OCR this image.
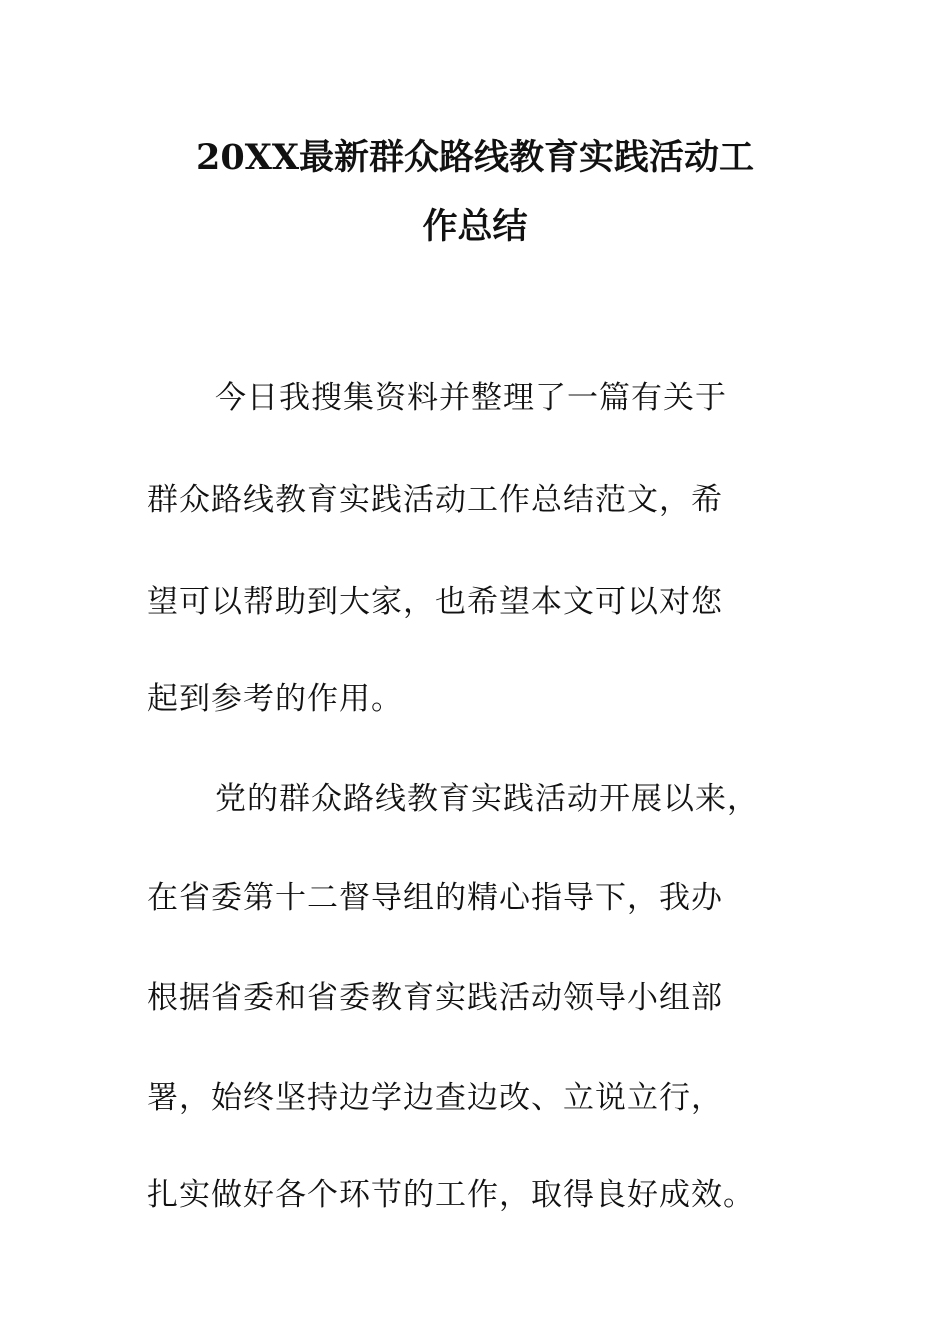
20XX最新群众路线教育实践活动工
作总结
今日我搜集资料并整理了一篇有关于
群众路线教育实践活动工作总结范文，希
望可以帮助到大家，也希望本文可以对您
起到参考的作用。
党的群众路线教育实践活动开展以来，
在省委第十二督导组的精心指导下，我办
根据省委和省委教育实践活动领导小组部
署，始终坚持边学边查边改、立说立行，
扎实做好各个环节的工作，取得良好成效。
